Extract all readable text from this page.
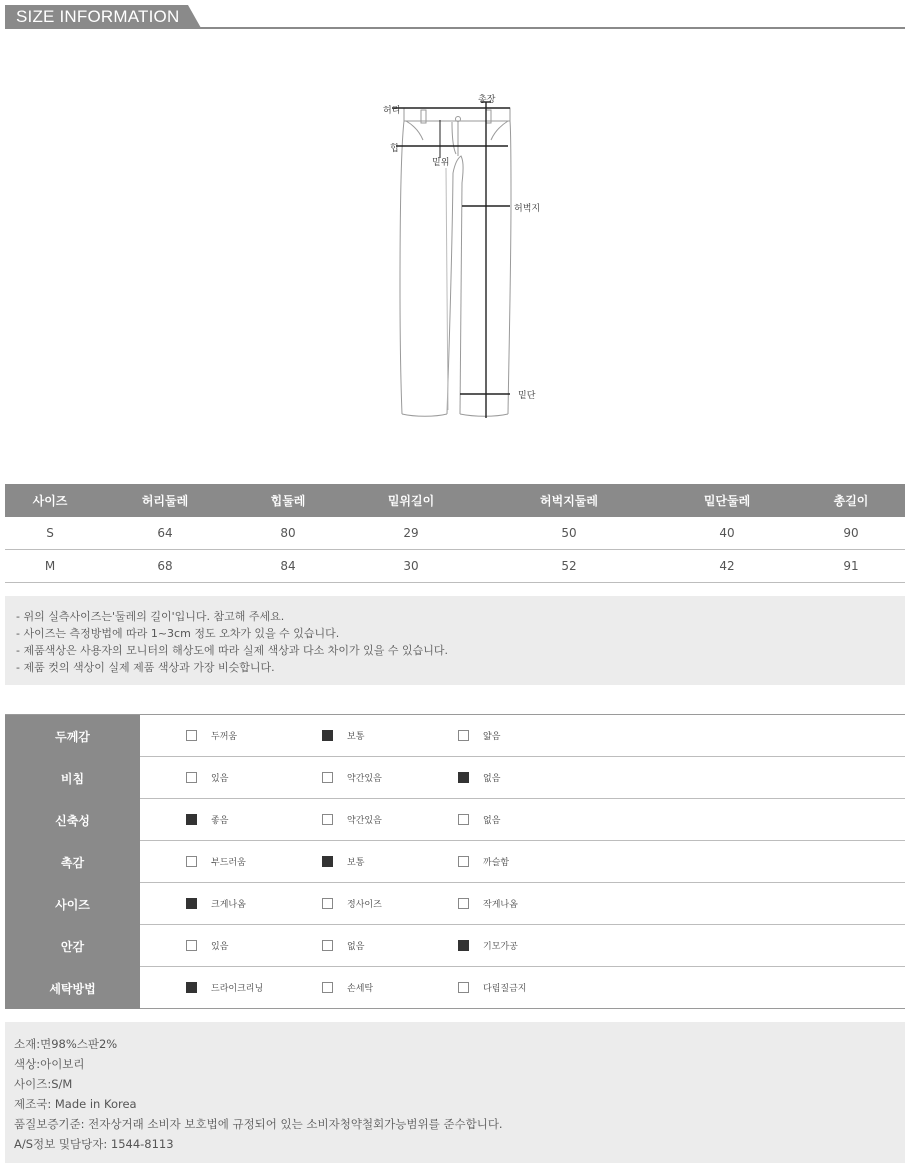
SIZE INFORMATION
허리
총장
힙
밑위
허벅지
밑단
사이즈	허리둘레	힙둘레	밑위길이	허벅지둘레	밑단둘레	총길이
S	64	80	29	50	40	90
M	68	84	30	52	42	91
- 위의 실측사이즈는'둘레의 길이'입니다. 참고해 주세요.
- 사이즈는 측정방법에 따라 1~3cm 정도 오차가 있을 수 있습니다.
- 제품색상은 사용자의 모니터의 해상도에 따라 실제 색상과 다소 차이가 있을 수 있습니다.
- 제품 컷의 색상이 실제 제품 색상과 가장 비슷합니다.
두께감	두꺼움	보통	얇음
비침	있음	약간있음	없음
신축성	좋음	약간있음	없음
촉감	부드러움	보통	까슬함
사이즈	크게나옴	정사이즈	작게나옴
안감	있음	없음	기모가공
세탁방법	드라이크리닝	손세탁	다림질금지
소재:면98%스판2%
색상:아이보리
사이즈:S/M
제조국: Made in Korea
품질보증기준: 전자상거래 소비자 보호법에 규정되어 있는 소비자청약철회가능범위를 준수합니다.
A/S정보 및담당자: 1544-8113
